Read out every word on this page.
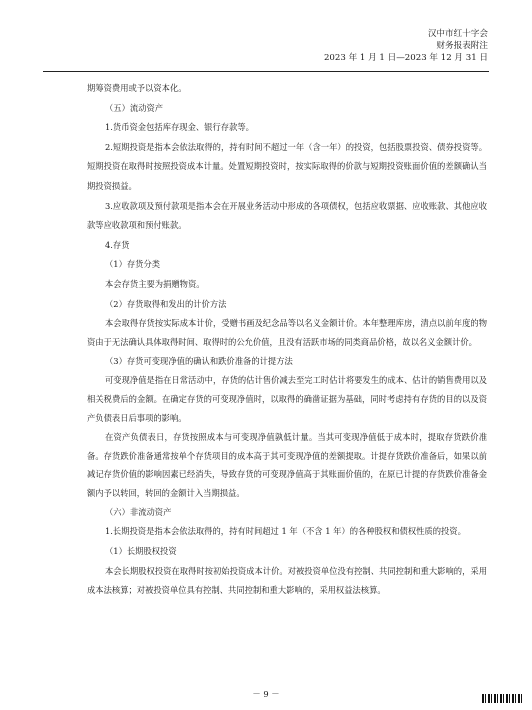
汉中市红十字会
财务报表附注
2023 年 1 月 1 日—2023 年 12 月 31 日

期筹资费用或予以资本化。

（五）流动资产

1.货币资金包括库存现金、银行存款等。

2.短期投资是指本会依法取得的，持有时间不超过一年（含一年）的投资，包括股票投资、债券投资等。短期投资在取得时按照投资成本计量。处置短期投资时，按实际取得的价款与短期投资账面价值的差额确认当期投资损益。

3.应收款项及预付款项是指本会在开展业务活动中形成的各项债权，包括应收票据、应收账款、其他应收款等应收款项和预付账款。

4.存货

（1）存货分类

本会存货主要为捐赠物资。

（2）存货取得和发出的计价方法

本会取得存货按实际成本计价，受赠书画及纪念品等以名义金额计价。本年整理库房，清点以前年度的物资由于无法确认具体取得时间、取得时的公允价值，且没有活跃市场的同类商品价格，故以名义金额计价。

（3）存货可变现净值的确认和跌价准备的计提方法

可变现净值是指在日常活动中，存货的估计售价减去至完工时估计将要发生的成本、估计的销售费用以及相关税费后的金额。在确定存货的可变现净值时，以取得的确凿证据为基础，同时考虑持有存货的目的以及资产负债表日后事项的影响。

在资产负债表日，存货按照成本与可变现净值孰低计量。当其可变现净值低于成本时，提取存货跌价准备。存货跌价准备通常按单个存货项目的成本高于其可变现净值的差额提取。计提存货跌价准备后，如果以前减记存货价值的影响因素已经消失，导致存货的可变现净值高于其账面价值的，在原已计提的存货跌价准备金额内予以转回，转回的金额计入当期损益。

（六）非流动资产

1.长期投资是指本会依法取得的，持有时间超过 1 年（不含 1 年）的各种股权和债权性质的投资。

（1）长期股权投资

本会长期股权投资在取得时按初始投资成本计价。对被投资单位没有控制、共同控制和重大影响的，采用成本法核算；对被投资单位具有控制、共同控制和重大影响的，采用权益法核算。

－ 9 －
